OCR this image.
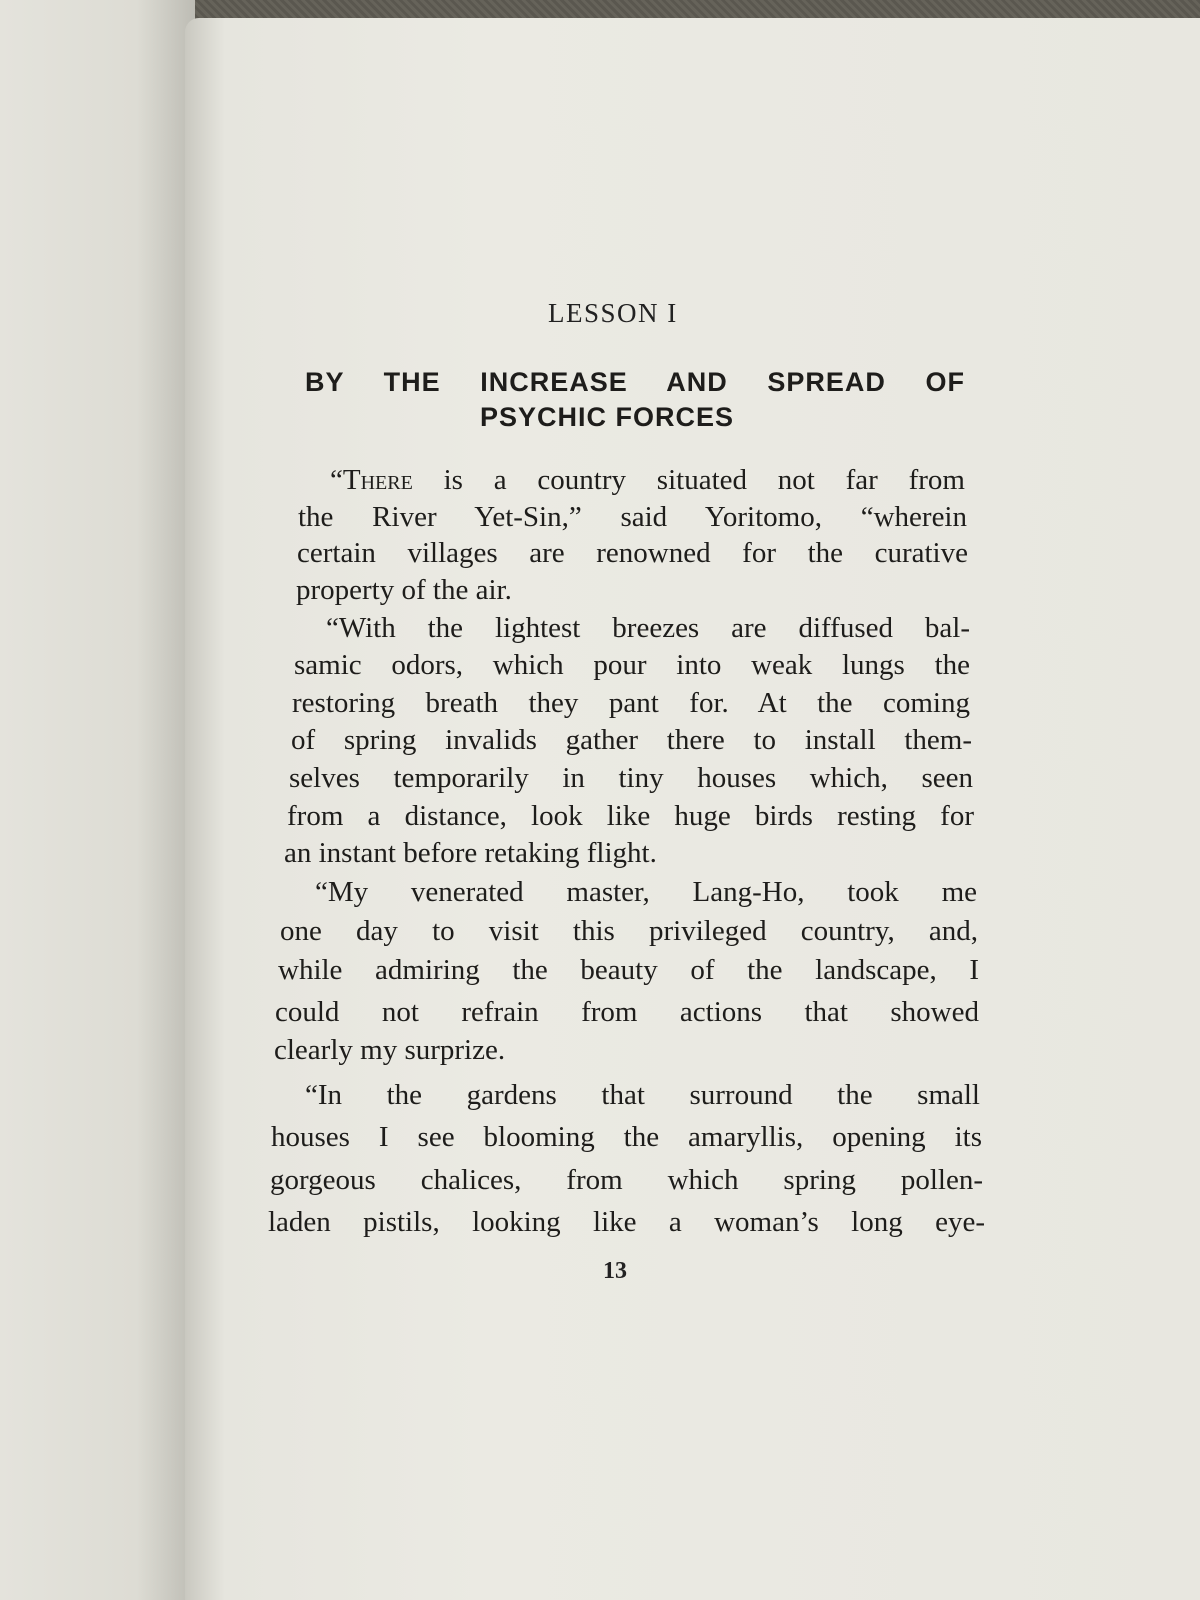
LESSON I
BY THE INCREASE AND SPREAD OF
PSYCHIC FORCES
“There is a country situated not far from
the River Yet-Sin,” said Yoritomo, “wherein
certain villages are renowned for the curative
property of the air.
“With the lightest breezes are diffused bal-
samic odors, which pour into weak lungs the
restoring breath they pant for. At the coming
of spring invalids gather there to install them-
selves temporarily in tiny houses which, seen
from a distance, look like huge birds resting for
an instant before retaking flight.
“My venerated master, Lang-Ho, took me
one day to visit this privileged country, and,
while admiring the beauty of the landscape, I
could not refrain from actions that showed
clearly my surprize.
“In the gardens that surround the small
houses I see blooming the amaryllis, opening its
gorgeous chalices, from which spring pollen-
laden pistils, looking like a woman’s long eye-
13
